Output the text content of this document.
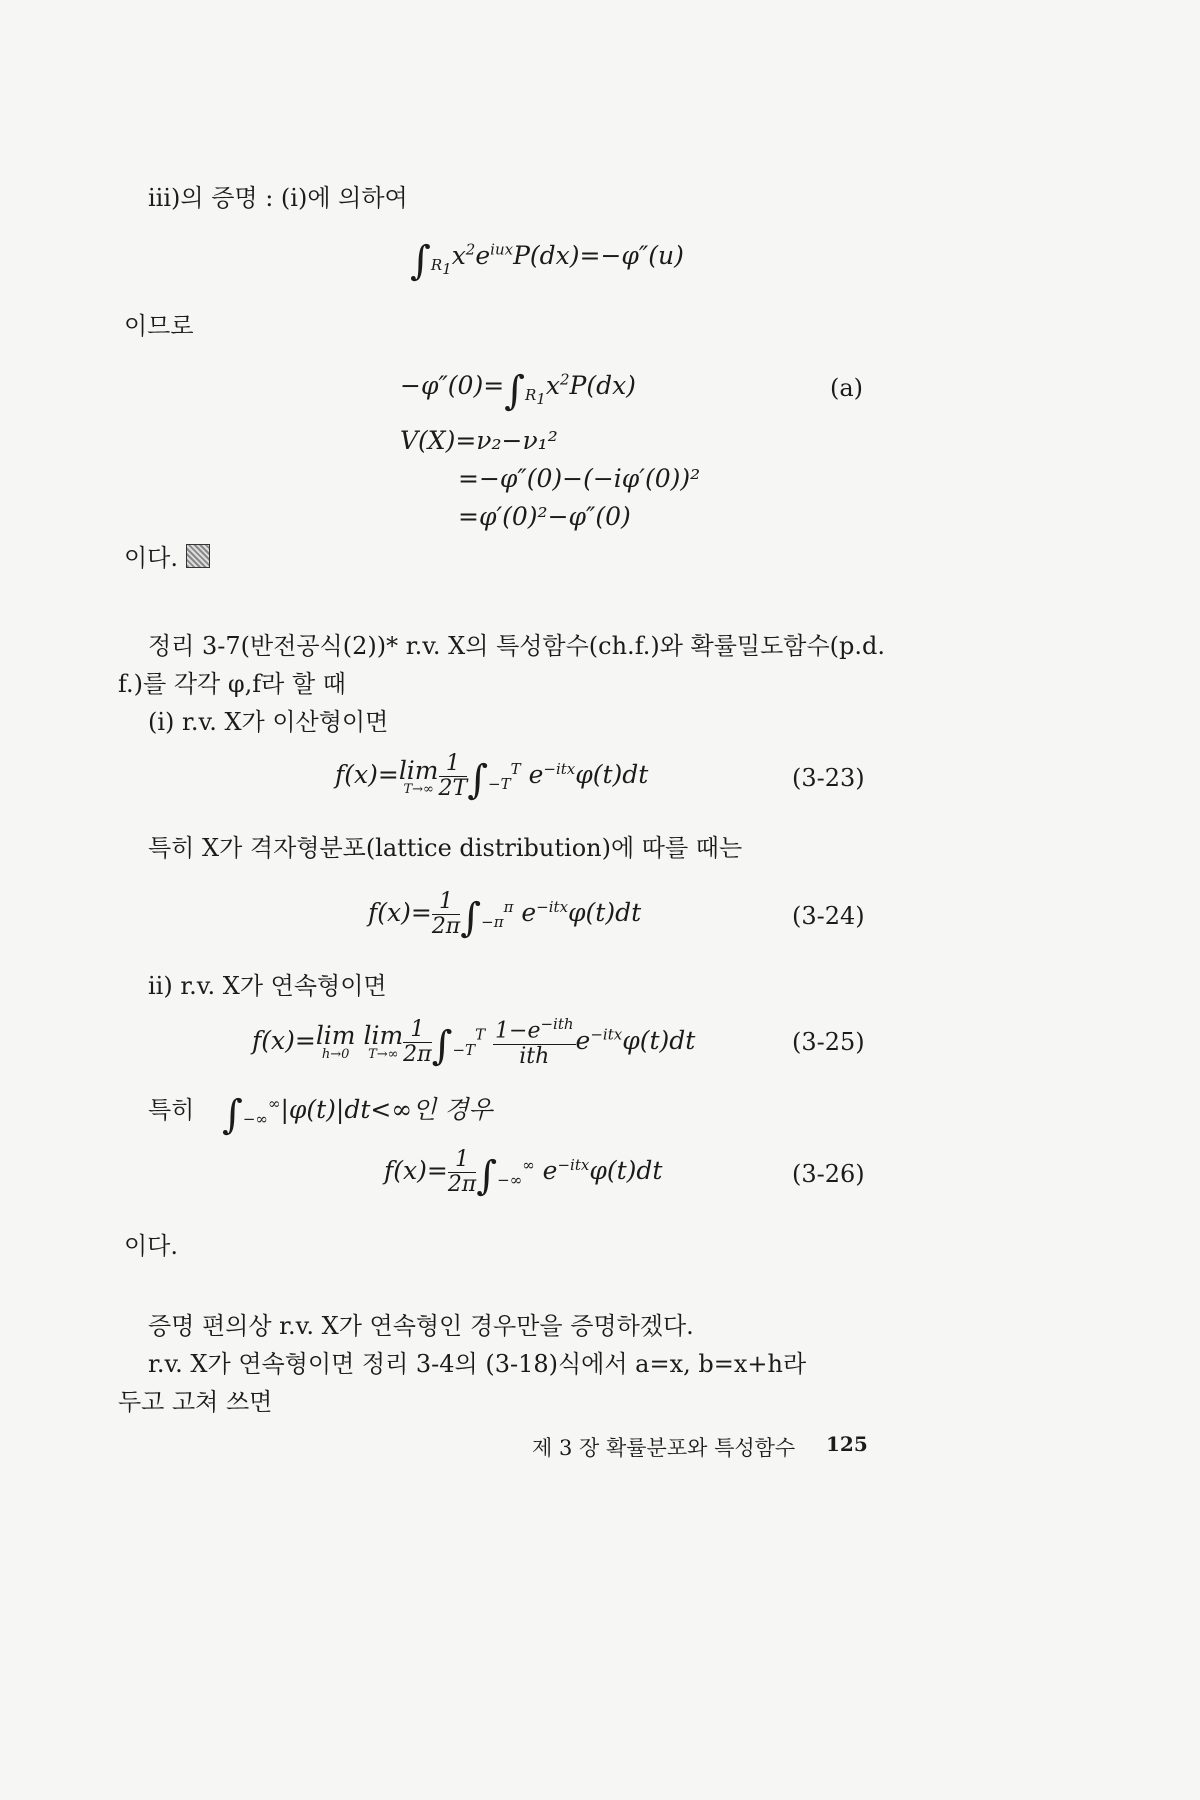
iii)의 증명 : (i)에 의하여
$\int_{R_1}x^2e^{iux}P(dx)=-\varphi''(u)$
이므로
$-\varphi''(0)=\int_{R_1}x^2P(dx)$	(a)
V(X)=ν₂−ν₁²
=−φ″(0)−(−iφ′(0))²
=φ′(0)²−φ″(0)
이다.
정리 3-7(반전공식(2))* r.v. X의 특성함수(ch.f.)와 확률밀도함수(p.d.
f.)를 각각 φ,f라 할 때
(i) r.v. X가 이산형이면
f(x)= lim
$T\to\infty \frac{1}{2T} \int_{-T}^T$ $e^{-itx}\varphi(t)dt$	(3-23)
특히 X가 격자형분포(lattice distribution)에 따를 때는
$f(x)= \frac{1}{2\pi} \int_{-\pi}^\pi$ $e^{-itx}\varphi(t)dt$	(3-24)
ii) r.v. X가 연속형이면
f(x)= lim
h→0

lim
$T\to\infty \frac{1}{2\pi} \int_{-T}^T \frac{1-e^{-ith}}{\text{ith}} e^{-itx}\varphi(t)dt$	(3-25)
특히 $\int_{-\infty}^\infty|\varphi(t)|dt<\infty$인 경우
$f(x)= \frac{1}{2\pi} \int_{-\infty}^\infty$ $e^{-itx}\varphi(t)dt$	(3-26)
이다.
증명 편의상 r.v. X가 연속형인 경우만을 증명하겠다.
r.v. X가 연속형이면 정리 3-4의 (3-18)식에서 a=x, b=x+h라
두고 고쳐 쓰면
제 3 장 확률분포와 특성함수 125
